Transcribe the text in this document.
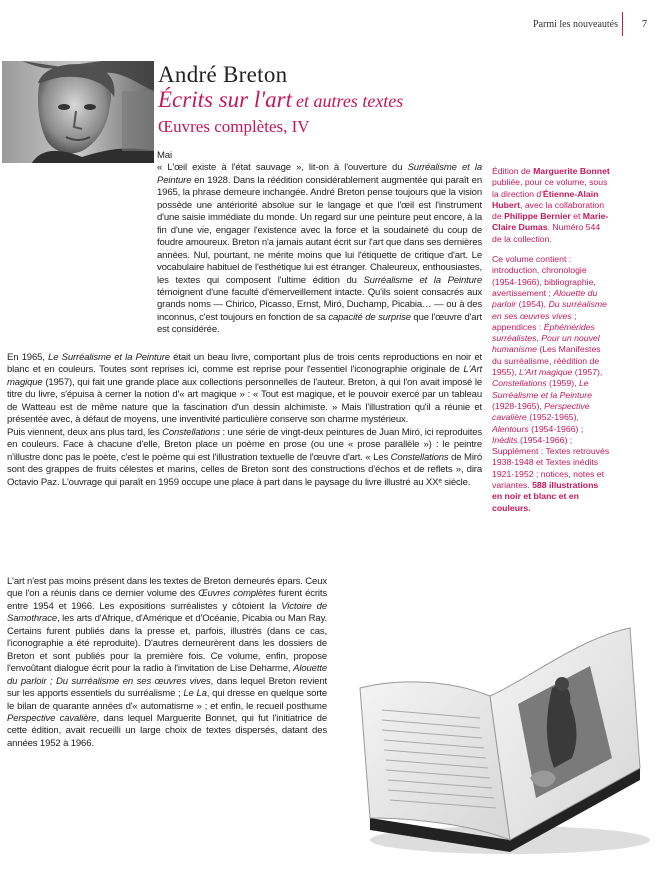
Parmi les nouveautés 7
André Breton
Écrits sur l'art et autres textes
Œuvres complètes, IV

Mai

« L'œil existe à l'état sauvage », lit-on à l'ouverture du Surréalisme et la Peinture en 1928. Dans la réédition considérablement augmentée qui paraît en 1965, la phrase demeure inchangée. André Breton pense toujours que la vision possède une antériorité absolue sur le langage et que l'œil est l'instrument d'une saisie immédiate du monde. Un regard sur une peinture peut encore, à la fin d'une vie, engager l'existence avec la force et la soudaineté du coup de foudre amoureux. Breton n'a jamais autant écrit sur l'art que dans ses dernières années. Nul, pourtant, ne mérite moins que lui l'étiquette de critique d'art. Le vocabulaire habituel de l'esthétique lui est étranger. Chaleureux, enthousiastes, les textes qui composent l'ultime édition du Surréalisme et la Peinture témoignent d'une faculté d'émerveillement intacte. Qu'ils soient consacrés aux grands noms — Chirico, Picasso, Ernst, Miró, Duchamp, Picabia… — ou à des inconnus, c'est toujours en fonction de sa capacité de surprise que l'œuvre d'art est considérée.

En 1965, Le Surréalisme et la Peinture était un beau livre, comportant plus de trois cents reproductions en noir et blanc et en couleurs. Toutes sont reprises ici, comme est reprise pour l'essentiel l'iconographie originale de L'Art magique (1957), qui fait une grande place aux collections personnelles de l'auteur. Breton, à qui l'on avait imposé le titre du livre, s'épuisa à cerner la notion d'« art magique » : « Tout est magique, et le pouvoir exercé par un tableau de Watteau est de même nature que la fascination d'un dessin alchimiste. » Mais l'illustration qu'il a réunie et présentée avec, à défaut de moyens, une inventivité particulière conserve son charme mystérieux.

Puis viennent, deux ans plus tard, les Constellations : une série de vingt-deux peintures de Juan Miró, ici reproduites en couleurs. Face à chacune d'elle, Breton place un poème en prose (ou une « prose parallèle ») : le peintre n'illustre donc pas le poète, c'est le poème qui est l'illustration textuelle de l'œuvre d'art. « Les Constellations de Miró sont des grappes de fruits célestes et marins, celles de Breton sont des constructions d'échos et de reflets », dira Octavio Paz. L'ouvrage qui paraît en 1959 occupe une place à part dans le paysage du livre illustré au XXᵉ siècle.

L'art n'est pas moins présent dans les textes de Breton demeurés épars. Ceux que l'on a réunis dans ce dernier volume des Œuvres complètes furent écrits entre 1954 et 1966. Les expositions surréalistes y côtoient la Victoire de Samothrace, les arts d'Afrique, d'Amérique et d'Océanie, Picabia ou Man Ray. Certains furent publiés dans la presse et, parfois, illustrés (dans ce cas, l'iconographie a été reproduite). D'autres demeurèrent dans les dossiers de Breton et sont publiés pour la première fois. Ce volume, enfin, propose l'envoûtant dialogue écrit pour la radio à l'invitation de Lise Deharme, Alouette du parloir ; Du surréalisme en ses œuvres vives, dans lequel Breton revient sur les apports essentiels du surréalisme ; Le La, qui dresse en quelque sorte le bilan de quarante années d'« automatisme » ; et enfin, le recueil posthume Perspective cavalière, dans lequel Marguerite Bonnet, qui fut l'initiatrice de cette édition, avait recueilli un large choix de textes dispersés, datant des années 1952 à 1966.

Édition de Marguerite Bonnet publiée, pour ce volume, sous la direction d'Étienne-Alain Hubert, avec la collaboration de Philippe Bernier et Marie-Claire Dumas. Numéro 544 de la collection.

Ce volume contient : introduction, chronologie (1954-1966), bibliographie, avertissement ; Alouette du parloir (1954), Du surréalisme en ses œuvres vives ; appendices : Éphémérides surréalistes, Pour un nouvel humanisme (Les Manifestes du surréalisme, réédition de 1955), L'Art magique (1957), Constellations (1959), Le Surréalisme et la Peinture (1928-1965), Perspective cavalière (1952-1965), Alentours (1954-1966) ; Inédits (1954-1966) ; Supplément : Textes retrouvés 1938-1948 et Textes inédits 1921-1952 ; notices, notes et variantes. 588 illustrations en noir et blanc et en couleurs.
